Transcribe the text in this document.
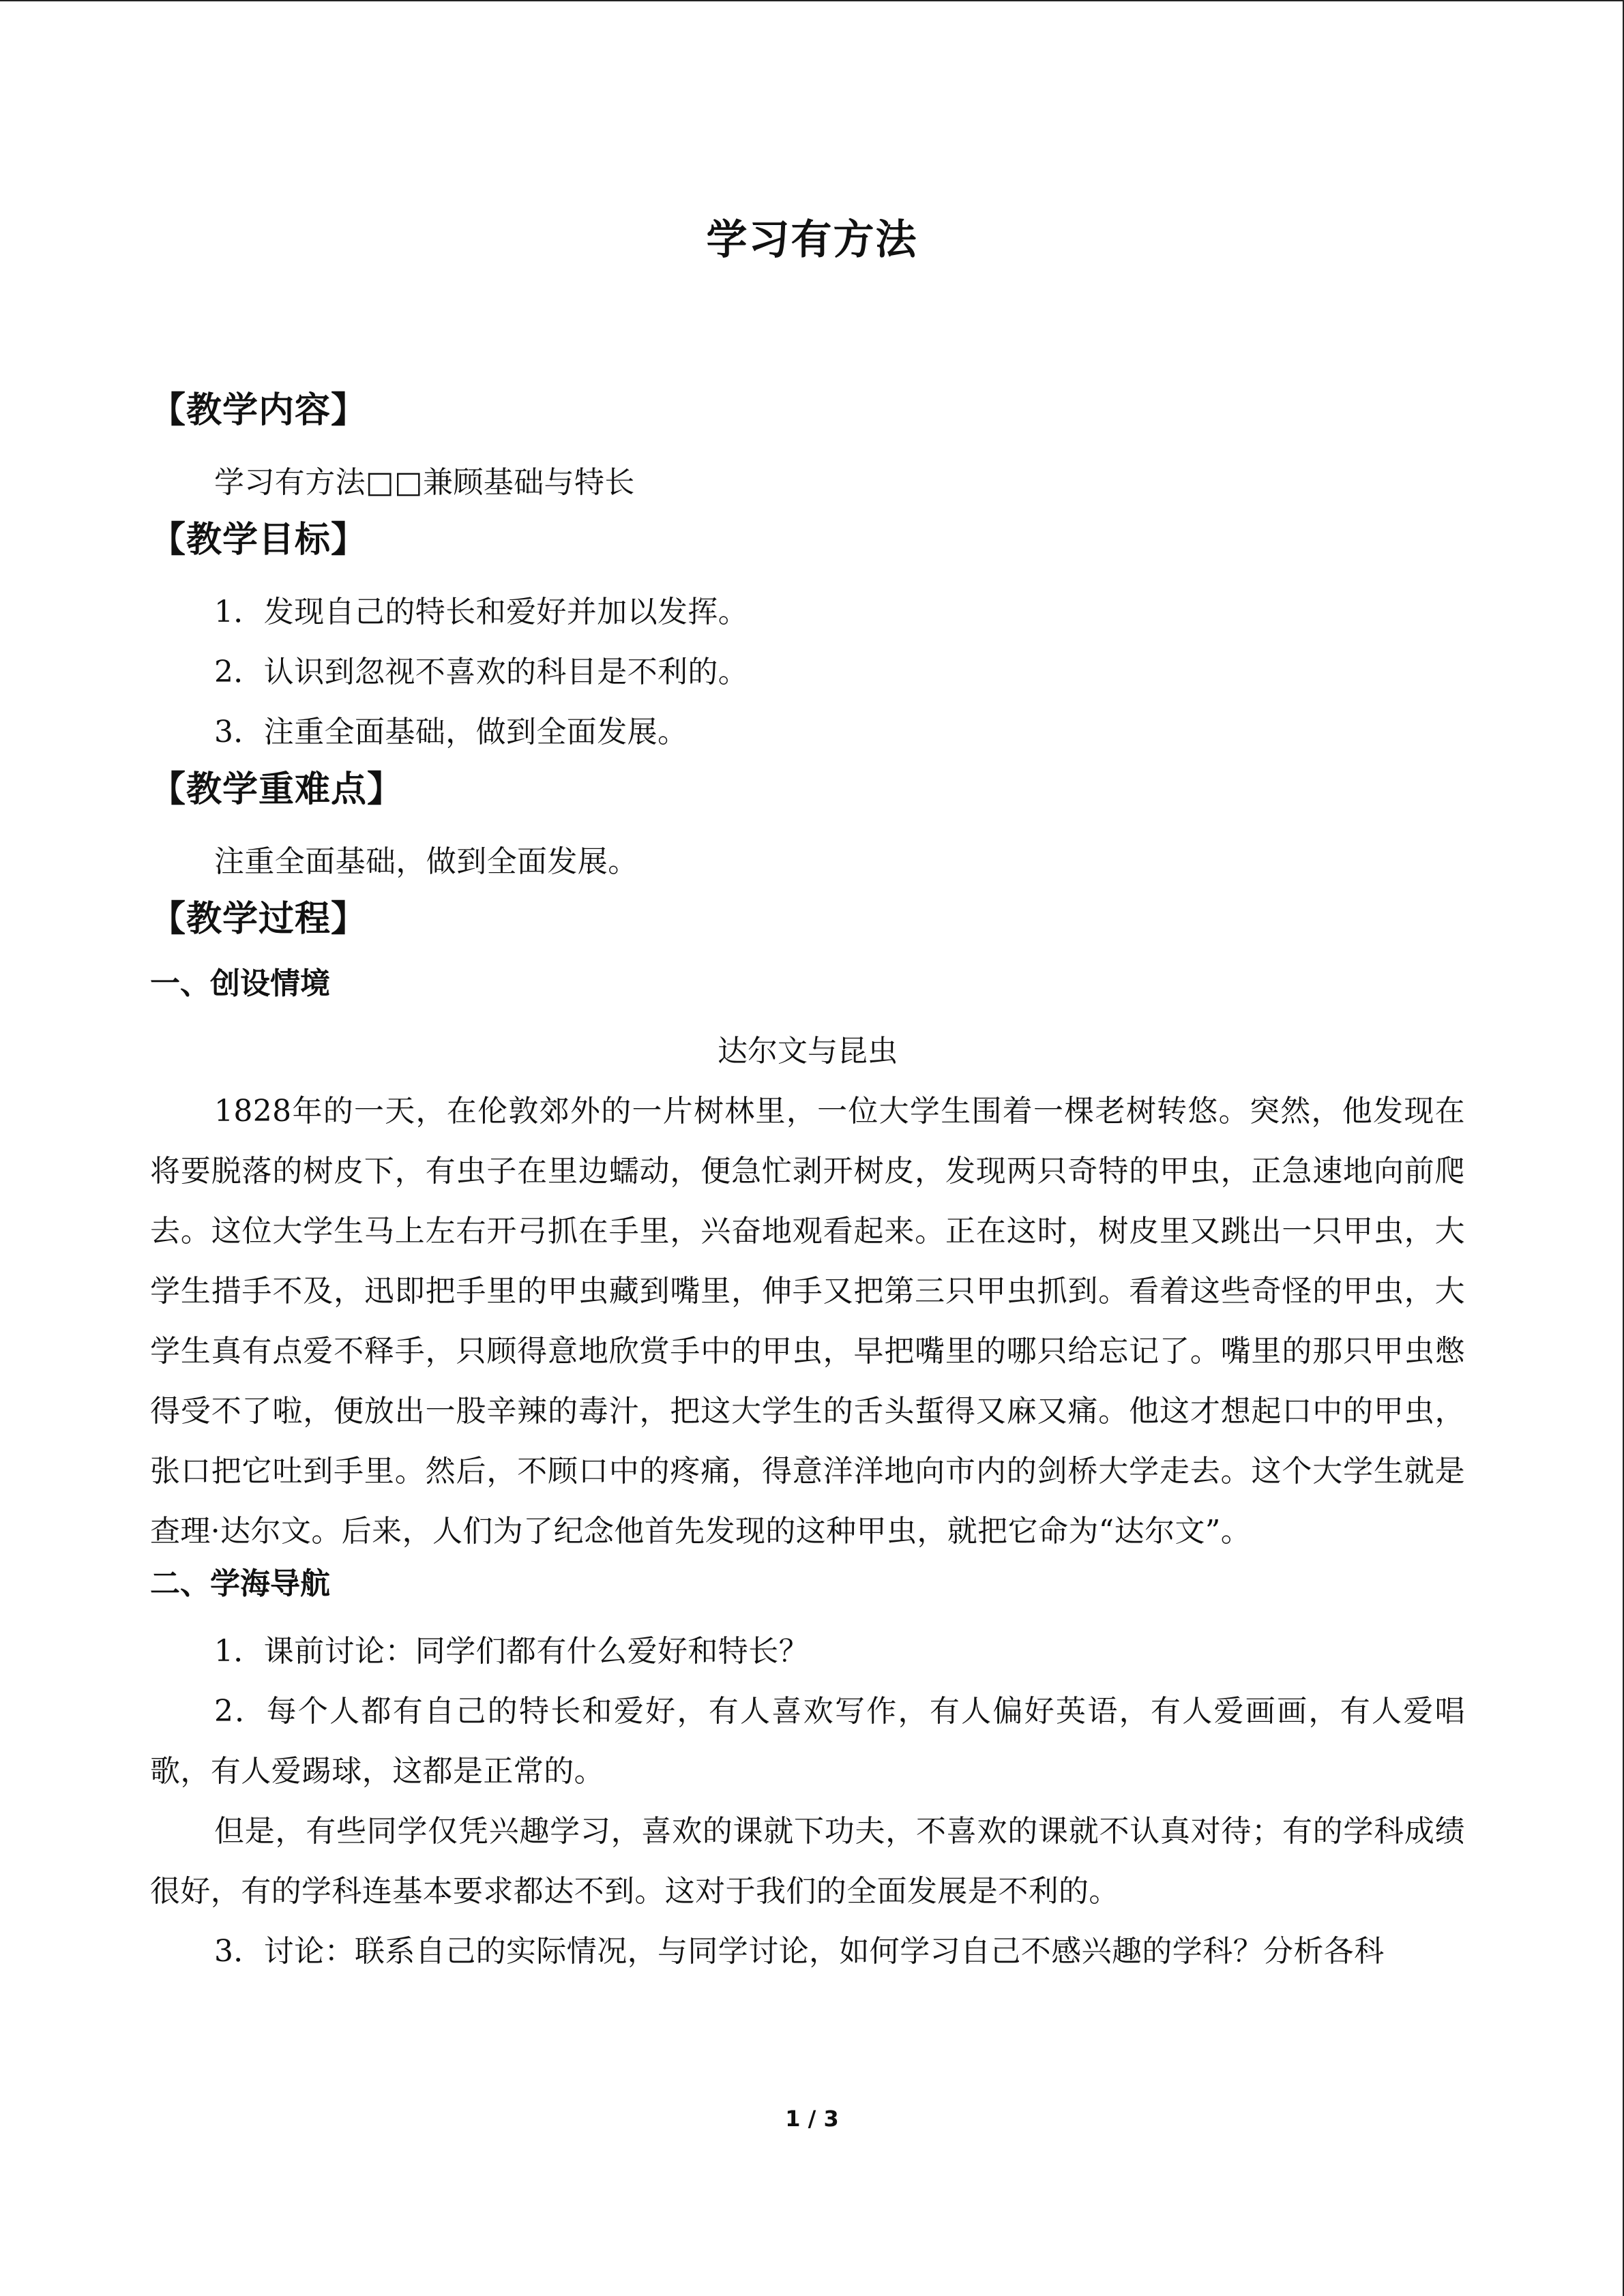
学习有方法
【教学内容】

学习有方法□□兼顾基础与特长

【教学目标】

1．发现自己的特长和爱好并加以发挥。

2．认识到忽视不喜欢的科目是不利的。

3．注重全面基础，做到全面发展。

【教学重难点】

注重全面基础，做到全面发展。

【教学过程】
一、创设情境

达尔文与昆虫

1828年的一天，在伦敦郊外的一片树林里，一位大学生围着一棵老树转悠。突然，他发现在将要脱落的树皮下，有虫子在里边蠕动，便急忙剥开树皮，发现两只奇特的甲虫，正急速地向前爬去。这位大学生马上左右开弓抓在手里，兴奋地观看起来。正在这时，树皮里又跳出一只甲虫，大学生措手不及，迅即把手里的甲虫藏到嘴里，伸手又把第三只甲虫抓到。看着这些奇怪的甲虫，大学生真有点爱不释手，只顾得意地欣赏手中的甲虫，早把嘴里的哪只给忘记了。嘴里的那只甲虫憋得受不了啦，便放出一股辛辣的毒汁，把这大学生的舌头蜇得又麻又痛。他这才想起口中的甲虫，张口把它吐到手里。然后，不顾口中的疼痛，得意洋洋地向市内的剑桥大学走去。这个大学生就是查理·达尔文。后来，人们为了纪念他首先发现的这种甲虫，就把它命为“达尔文”。

二、学海导航

1．课前讨论：同学们都有什么爱好和特长？

2．每个人都有自己的特长和爱好，有人喜欢写作，有人偏好英语，有人爱画画，有人爱唱歌，有人爱踢球，这都是正常的。

但是，有些同学仅凭兴趣学习，喜欢的课就下功夫，不喜欢的课就不认真对待；有的学科成绩很好，有的学科连基本要求都达不到。这对于我们的全面发展是不利的。

3．讨论：联系自己的实际情况，与同学讨论，如何学习自己不感兴趣的学科？分析各科

1 / 3
